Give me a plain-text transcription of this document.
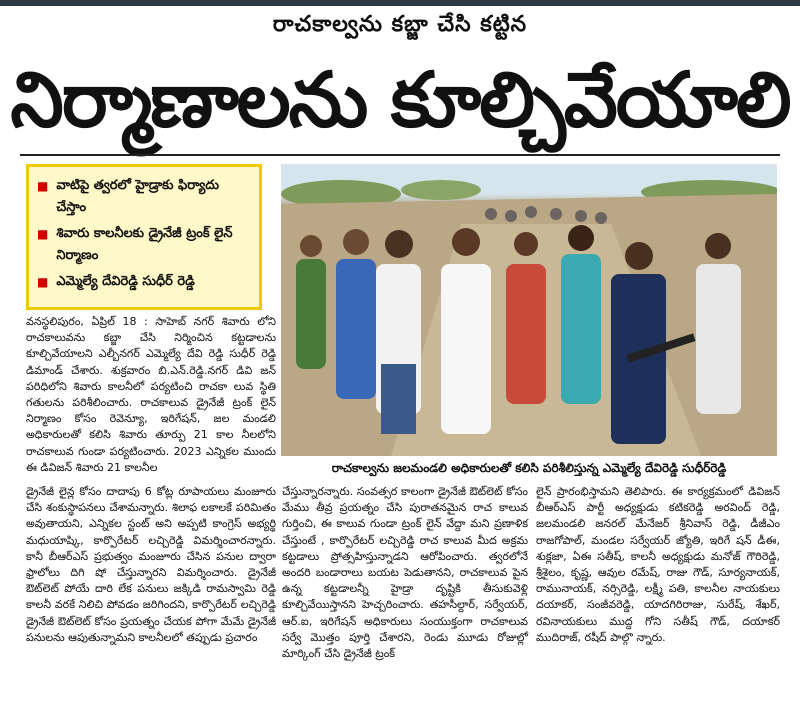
రాచకాల్వను కబ్జా చేసి కట్టిన
నిర్మాణాలను కూల్చివేయాలి
■ వాటిపై త్వరలో హైడ్రాకు ఫిర్యాదు చేస్తాం
■ శివారు కాలనీలకు డ్రైనేజీ ట్రంక్ లైన్ నిర్మాణం
■ ఎమ్మెల్యే దేవిరెడ్డి సుధీర్ రెడ్డి
రాచకాల్వను జలమండలి అధికారులతో కలిసి పరిశీలిస్తున్న ఎమ్మెల్యే దేవిరెడ్డి సుధీర్‌రెడ్డి

వనస్థలిపురం, ఏప్రిల్ 18 : సాహెబ్ నగర్ శివారు లోని రాచకాలువను కబ్జా చేసి నిర్మించిన కట్టడాలను కూల్చివేయాలని ఎల్బీనగర్ ఎమ్మెల్యే దేవి రెడ్డి సుధీర్ రెడ్డి డిమాండ్ చేశారు. శుక్రవారం బి.ఎన్.రెడ్డి.నగర్ డివి జన్ పరిధిలోని శివారు కాలనీలో పర్యటించి రాచకా లువ స్థితి గతులను పరిశీలించారు. రాచకాలువ డ్రైనేజీ ట్రంక్ లైన్ నిర్మాణం కోసం రెవెన్యూ, ఇరిగేషన్, జల మండలి అధికారులతో కలిసి శివారు తూర్పు 21 కాల నీలలోని రాచకాలువ గుండా పర్యటించారు. 2023 ఎన్నికల ముందు ఈ డివిజన్ శివారు 21 కాలనీల

డ్రైనేజీ లైన్ల కోసం దాదాపు 6 కోట్ల రూపాయలు మంజూరు చేసి శంకుస్థాపనలు చేశామన్నారు. శిలాఫ లకాలకే పరిమితం అవుతాయని, ఎన్నికల స్టంట్ అని అప్పటి కాంగ్రెస్ అభ్యర్థి మధుయాష్కి, కార్పొరేటర్ లచ్చిరెడ్డి విమర్శించారన్నారు. కానీ బీఆర్ఎస్ ప్రభుత్వం మంజూరు చేసిన పనుల ద్వారా ఫ్రాలోలు దిగి షో చేస్తున్నారని విమర్శించారు. డ్రైనేజీ ఔట్‌లెట్ పోయే దారి లేక పనులు జక్కిడి రామస్వామి రెడ్డి కాలనీ వరకే నిలిచి పోవడం జరిగిందని, కార్పొరేటర్ లచ్చిరెడ్డి డ్రైనేజీ ఔట్‌లెట్ కోసం ప్రయత్నం చేయక పోగా మేమే డ్రైనేజీ పనులను ఆపుతున్నామని కాలనీలలో తప్పుడు ప్రచారం

చేస్తున్నారన్నారు. సంవత్సర కాలంగా డ్రైనేజీ ఔట్‌లెట్ కోసం మేము తీవ్ర ప్రయత్నం చేసి పురాతనమైన రాచ కాలువ గుర్తించి, ఈ కాలువ గుండా ట్రంక్ లైన్ వేద్దా మని ప్రణాళిక చేస్తుంటే , కార్పొరేటర్ లచ్చిరెడ్డి రాచ కాలువ మీద అక్రమ కట్టడాలు ప్రోత్సహిస్తున్నాడని ఆరోపించారు. త్వరలోనే అందరి బండారాలు బయట పెడుతానని, రాచకాలువ పైన ఉన్న కట్టడాలన్నీ హైడ్రా దృష్టికి తీసుకువెళ్లి కూల్చివేయిస్తానని హెచ్చరించారు. తహసీల్దార్, సర్వేయర్, ఆర్.ఐ, ఇరిగేషన్ అధికారులు సంయుక్తంగా రాచకాలువ సర్వే మొత్తం పూర్తి చేశారని, రెండు మూడు రోజుల్లో మార్కింగ్ చేసి డ్రైనేజీ ట్రంక్

లైన్ ప్రారంభిస్తామని తెలిపారు. ఈ కార్యక్రమంలో డివిజన్ బీఆర్ఎస్ పార్టీ అధ్యక్షుడు కటికరెడ్డి అరవింద్ రెడ్డి, జలమండలి జనరల్ మేనేజర్ శ్రీనివాస్ రెడ్డి, డీజీఎం రాజగోపాల్, మండల సర్వేయర్ జ్యోతి, ఇరిగే షన్ డీఈ, శుక్లజా, ఏఈ సతీష్, కాలనీ అధ్యక్షుడు మనోజ్ గౌరిరెడ్డి, శ్రీశైలం, కృష్ణ, ఆవుల రమేష్, రాజు గౌడ్, సూర్యనాయక్, రామునాయక్, నర్సిరెడ్డి, లక్ష్మీ పతి, కాలనీల నాయకులు దయాకర్, సంజీవరెడ్డి, యాదగిరిరాజు, సురేష్, శేఖర్, రవినాయకులు ముద్ద గోని సతీష్ గౌడ్, దయాకర్ ముదిరాజ్, రషీద్ పాల్గొ న్నారు.
